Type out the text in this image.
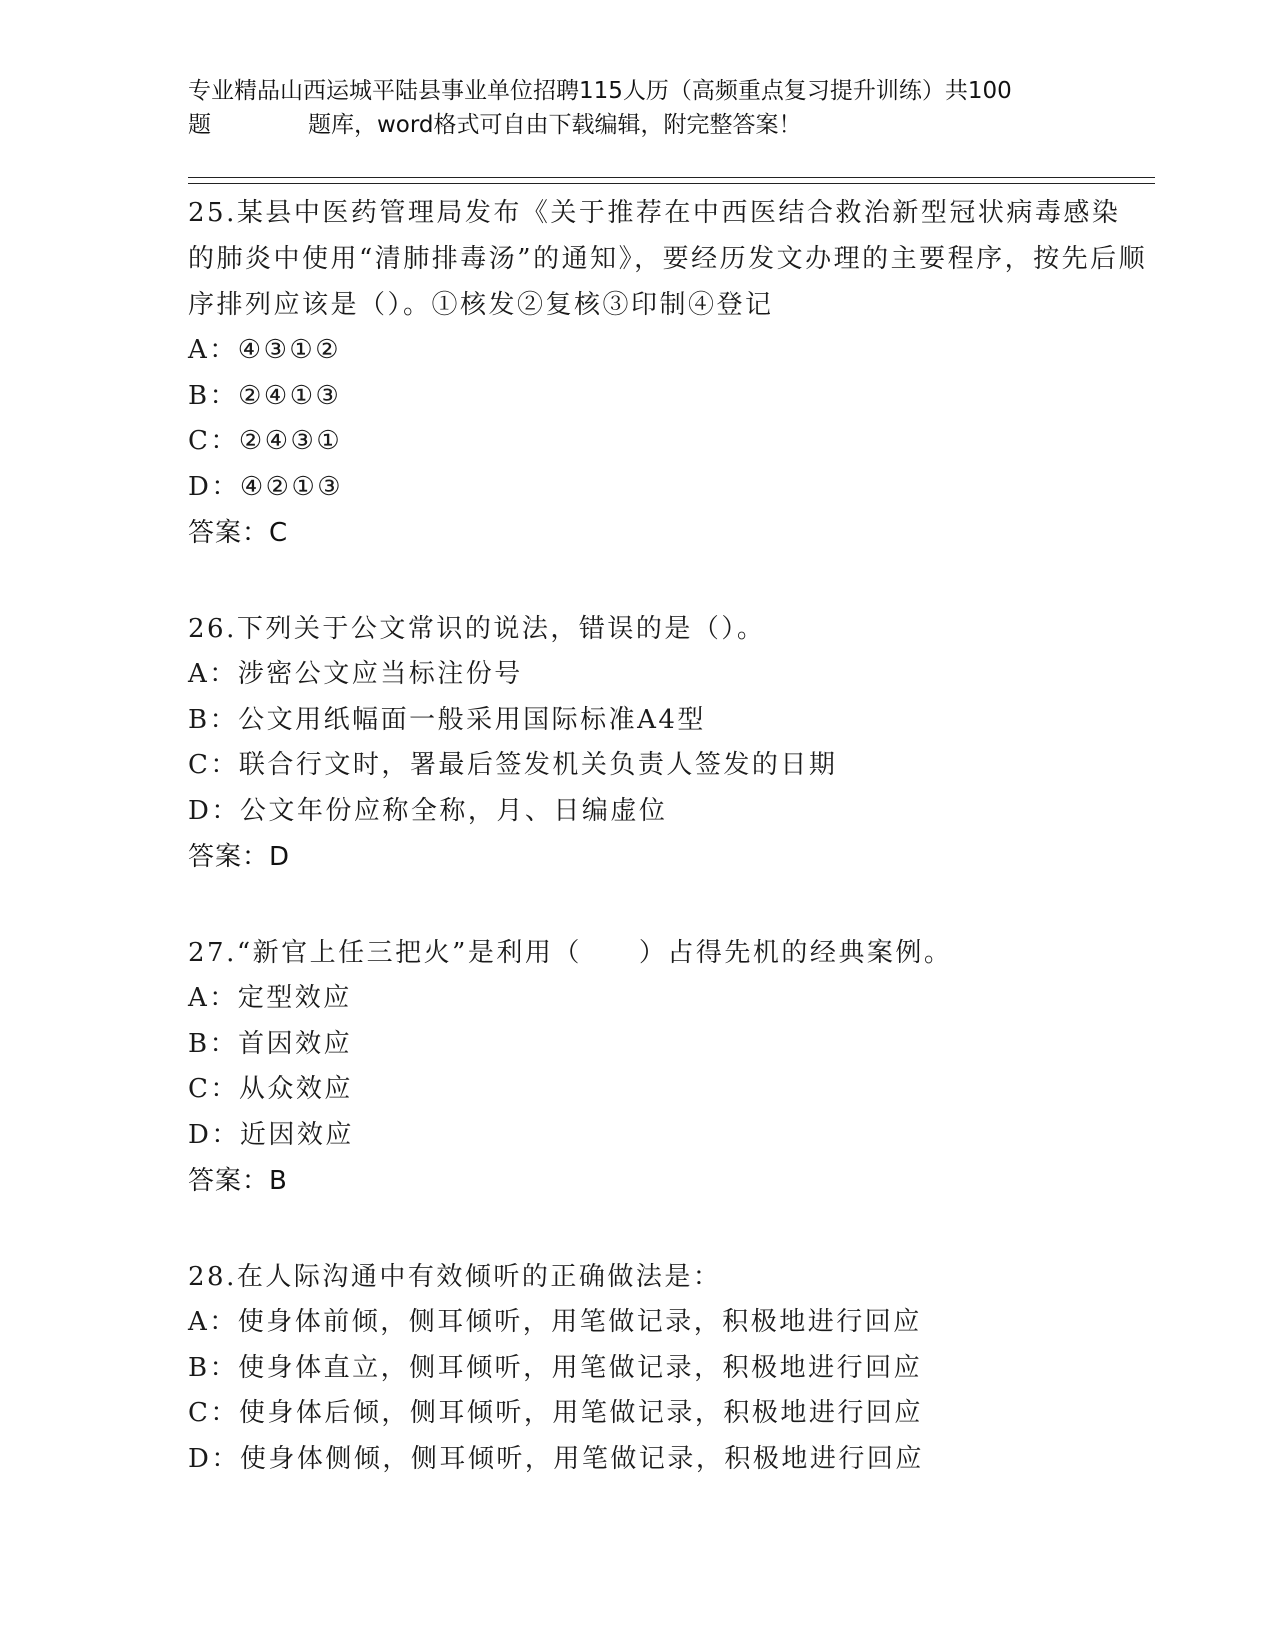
专业精品山西运城平陆县事业单位招聘115人历（高频重点复习提升训练）共100
题	题库，word格式可自由下载编辑，附完整答案！
25.某县中医药管理局发布《关于推荐在中西医结合救治新型冠状病毒感染的肺炎中使用“清肺排毒汤”的通知》，要经历发文办理的主要程序，按先后顺序排列应该是（）。①核发②复核③印制④登记
A：④③①②
B：②④①③
C：②④③①
D：④②①③
答案：C
26.下列关于公文常识的说法，错误的是（）。
A：涉密公文应当标注份号
B：公文用纸幅面一般采用国际标准A4型
C：联合行文时，署最后签发机关负责人签发的日期
D：公文年份应称全称，月、日编虚位
答案：D
27.“新官上任三把火”是利用（　　）占得先机的经典案例。
A：定型效应
B：首因效应
C：从众效应
D：近因效应
答案：B
28.在人际沟通中有效倾听的正确做法是：
A：使身体前倾，侧耳倾听，用笔做记录，积极地进行回应
B：使身体直立，侧耳倾听，用笔做记录，积极地进行回应
C：使身体后倾，侧耳倾听，用笔做记录，积极地进行回应
D：使身体侧倾，侧耳倾听，用笔做记录，积极地进行回应
